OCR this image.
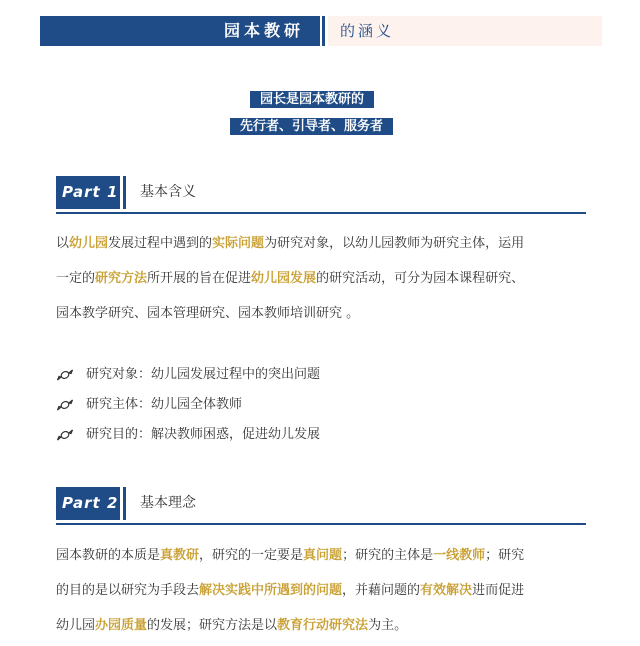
园本教研 的涵义
园长是园本教研的
先行者、引导者、服务者
Part 1 基本含义
以幼儿园发展过程中遇到的实际问题为研究对象，以幼儿园教师为研究主体，运用
一定的研究方法所开展的旨在促进幼儿园发展的研究活动，可分为园本课程研究、
园本教学研究、园本管理研究、园本教师培训研究 。
研究对象：幼儿园发展过程中的突出问题
研究主体：幼儿园全体教师
研究目的：解决教师困惑，促进幼儿发展
Part 2 基本理念
园本教研的本质是真教研，研究的一定要是真问题；研究的主体是一线教师；研究
的目的是以研究为手段去解决实践中所遇到的问题，并藉问题的有效解决进而促进
幼儿园办园质量的发展；研究方法是以教育行动研究法为主。
